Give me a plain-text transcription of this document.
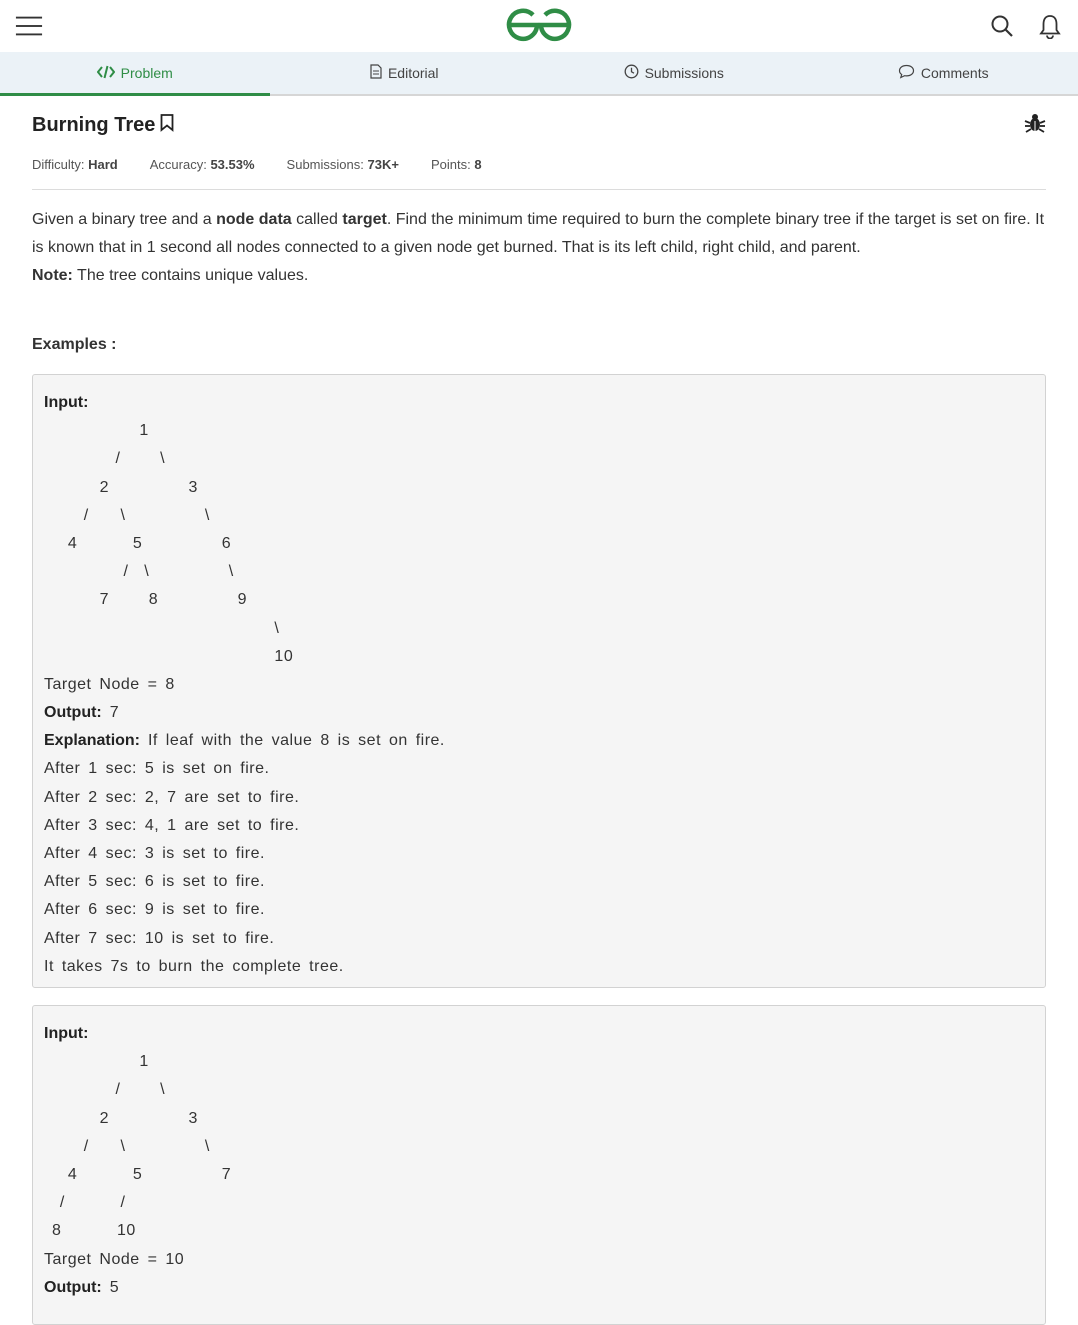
Problem	Editorial	Submissions	Comments
Burning Tree
Difficulty: Hard Accuracy: 53.53% Submissions: 73K+ Points: 8
Given a binary tree and a node data called target. Find the minimum time required to burn the complete binary tree if the target is set on fire. It is known that in 1 second all nodes connected to a given node get burned. That is its left child, right child, and parent.
Note: The tree contains unique values.
Examples :
Input:
1
/     \
2          3
/    \          \
4       5          6
/  \          \
7     8          9
\
10
Target Node = 8
Output: 7
Explanation: If leaf with the value 8 is set on fire.
After 1 sec: 5 is set on fire.
After 2 sec: 2, 7 are set to fire.
After 3 sec: 4, 1 are set to fire.
After 4 sec: 3 is set to fire.
After 5 sec: 6 is set to fire.
After 6 sec: 9 is set to fire.
After 7 sec: 10 is set to fire.
It takes 7s to burn the complete tree.
Input:
1
/     \
2          3
/    \          \
4       5          7
/       /
8       10
Target Node = 10
Output: 5
